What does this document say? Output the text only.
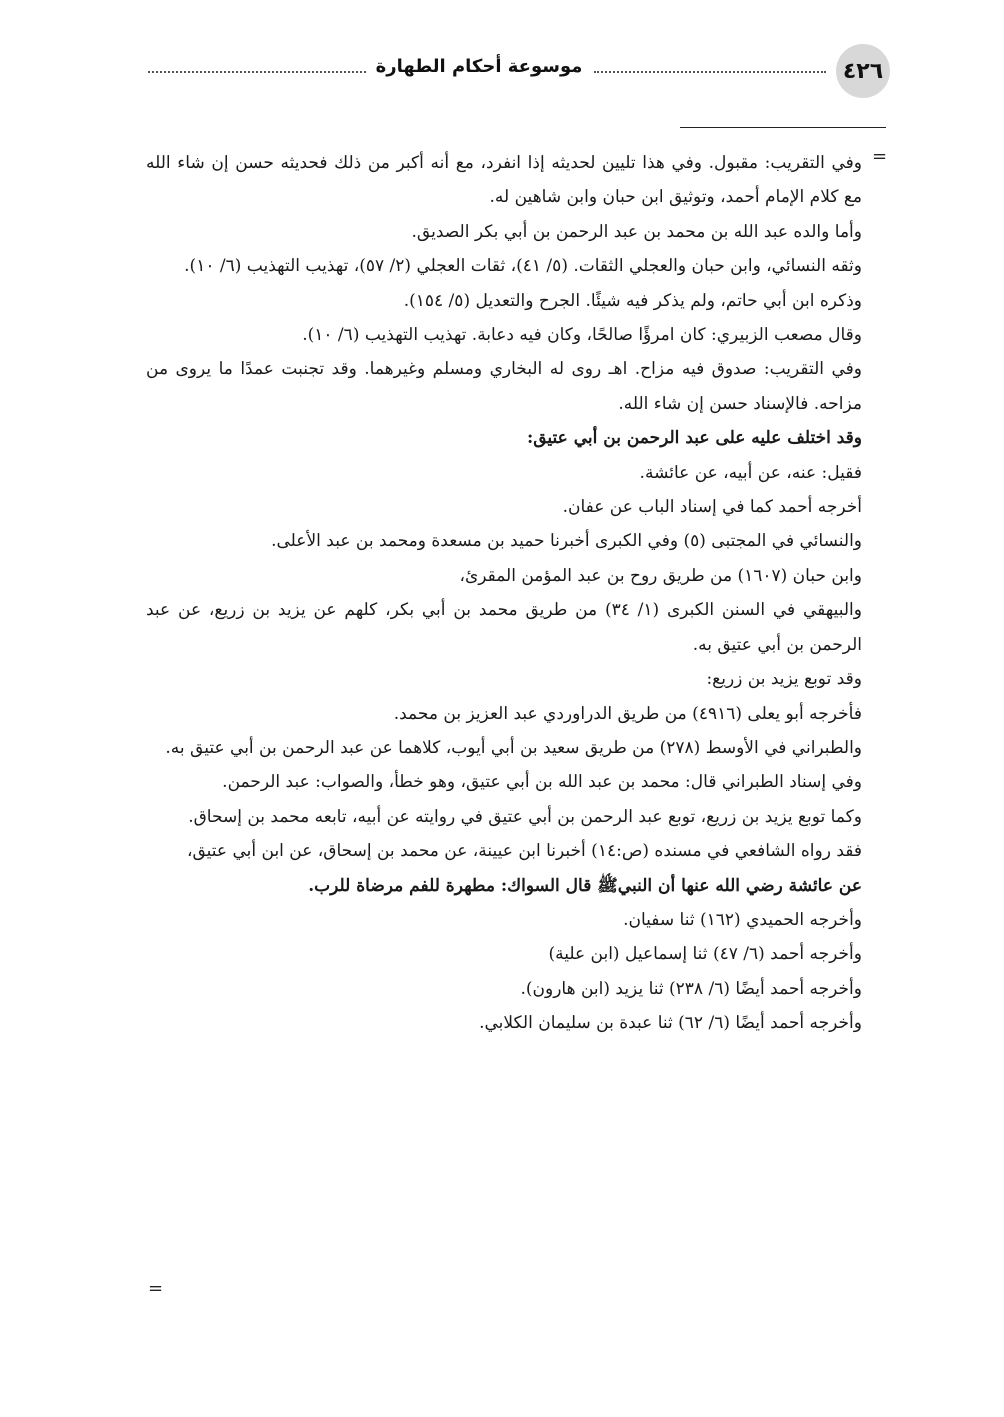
٤٢٦
موسوعة أحكام الطهارة
=

وفي التقريب: مقبول. وفي هذا تليين لحديثه إذا انفرد، مع أنه أكبر من ذلك فحديثه حسن إن شاء الله مع كلام الإمام أحمد، وتوثيق ابن حبان وابن شاهين له.

وأما والده عبد الله بن محمد بن عبد الرحمن بن أبي بكر الصديق.

وثقه النسائي، وابن حبان والعجلي الثقات. (٥/ ٤١)، ثقات العجلي (٢/ ٥٧)، تهذيب التهذيب (٦/ ١٠).

وذكره ابن أبي حاتم، ولم يذكر فيه شيئًا. الجرح والتعديل (٥/ ١٥٤).

وقال مصعب الزبيري: كان امرؤًا صالحًا، وكان فيه دعابة. تهذيب التهذيب (٦/ ١٠).

وفي التقريب: صدوق فيه مزاح. اهـ روى له البخاري ومسلم وغيرهما. وقد تجنبت عمدًا ما يروى من مزاحه. فالإسناد حسن إن شاء الله.

وقد اختلف عليه على عبد الرحمن بن أبي عتيق:

فقيل: عنه، عن أبيه، عن عائشة.

أخرجه أحمد كما في إسناد الباب عن عفان.

والنسائي في المجتبى (٥) وفي الكبرى أخبرنا حميد بن مسعدة ومحمد بن عبد الأعلى.

وابن حبان (١٦٠٧) من طريق روح بن عبد المؤمن المقرئ،

والبيهقي في السنن الكبرى (١/ ٣٤) من طريق محمد بن أبي بكر، كلهم عن يزيد بن زريع، عن عبد الرحمن بن أبي عتيق به.

وقد توبع يزيد بن زريع:

فأخرجه أبو يعلى (٤٩١٦) من طريق الدراوردي عبد العزيز بن محمد.

والطبراني في الأوسط (٢٧٨) من طريق سعيد بن أبي أيوب، كلاهما عن عبد الرحمن بن أبي عتيق به.

وفي إسناد الطبراني قال: محمد بن عبد الله بن أبي عتيق، وهو خطأ، والصواب: عبد الرحمن.

وكما توبع يزيد بن زريع، توبع عبد الرحمن بن أبي عتيق في روايته عن أبيه، تابعه محمد بن إسحاق.

فقد رواه الشافعي في مسنده (ص:١٤) أخبرنا ابن عيينة، عن محمد بن إسحاق، عن ابن أبي عتيق،

عن عائشة رضي الله عنها أن النبيﷺ قال السواك: مطهرة للفم مرضاة للرب.

وأخرجه الحميدي (١٦٢) ثنا سفيان.

وأخرجه أحمد (٦/ ٤٧) ثنا إسماعيل (ابن علية)

وأخرجه أحمد أيضًا (٦/ ٢٣٨) ثنا يزيد (ابن هارون).

وأخرجه أحمد أيضًا (٦/ ٦٢) ثنا عبدة بن سليمان الكلابي.

=
